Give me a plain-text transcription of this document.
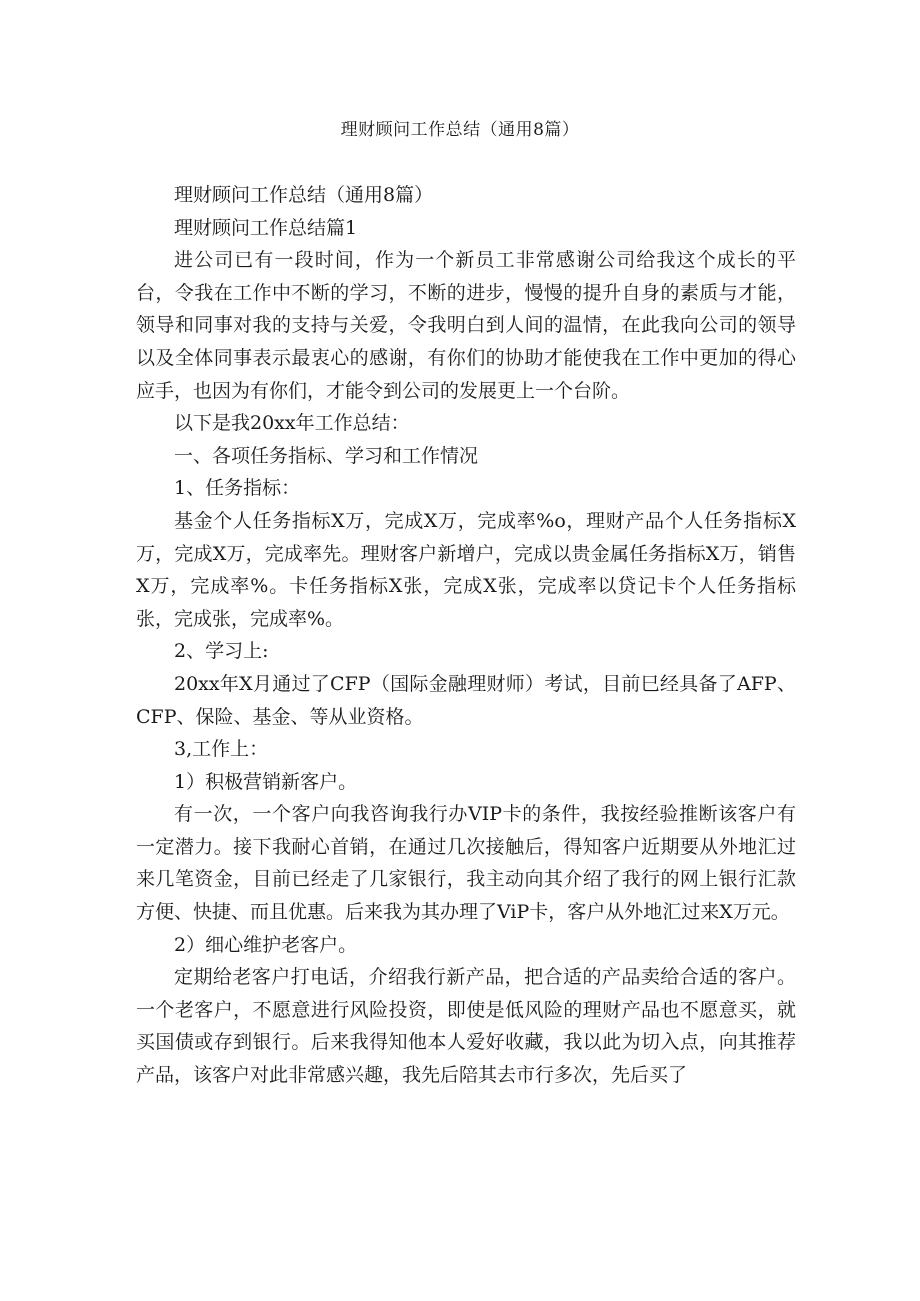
理财顾问工作总结（通用8篇）

理财顾问工作总结（通用8篇）

理财顾问工作总结篇1

进公司已有一段时间，作为一个新员工非常感谢公司给我这个成长的平台，令我在工作中不断的学习，不断的进步，慢慢的提升自身的素质与才能，领导和同事对我的支持与关爱，令我明白到人间的温情，在此我向公司的领导以及全体同事表示最衷心的感谢，有你们的协助才能使我在工作中更加的得心应手，也因为有你们，才能令到公司的发展更上一个台阶。

以下是我20xx年工作总结：

一、各项任务指标、学习和工作情况

1、任务指标：

基金个人任务指标X万，完成X万，完成率%o，理财产品个人任务指标X万，完成X万，完成率先。理财客户新增户，完成以贵金属任务指标X万，销售X万，完成率%。卡任务指标X张，完成X张，完成率以贷记卡个人任务指标张，完成张，完成率%。

2、学习上:

20xx年X月通过了CFP（国际金融理财师）考试，目前巳经具备了AFP、CFP、保险、基金、等从业资格。

3,工作上：

1）积极营销新客户。

有一次，一个客户向我咨询我行办VIP卡的条件，我按经验推断该客户有一定潜力。接下我耐心首销，在通过几次接触后，得知客户近期要从外地汇过来几笔资金，目前已经走了几家银行，我主动向其介绍了我行的网上银行汇款方便、快捷、而且优惠。后来我为其办理了ViP卡，客户从外地汇过来X万元。

2）细心维护老客户。

定期给老客户打电话，介绍我行新产品，把合适的产品卖给合适的客户。一个老客户，不愿意进行风险投资，即使是低风险的理财产品也不愿意买，就买国债或存到银行。后来我得知他本人爱好收藏，我以此为切入点，向其推荐产品，该客户对此非常感兴趣，我先后陪其去市行多次，先后买了
